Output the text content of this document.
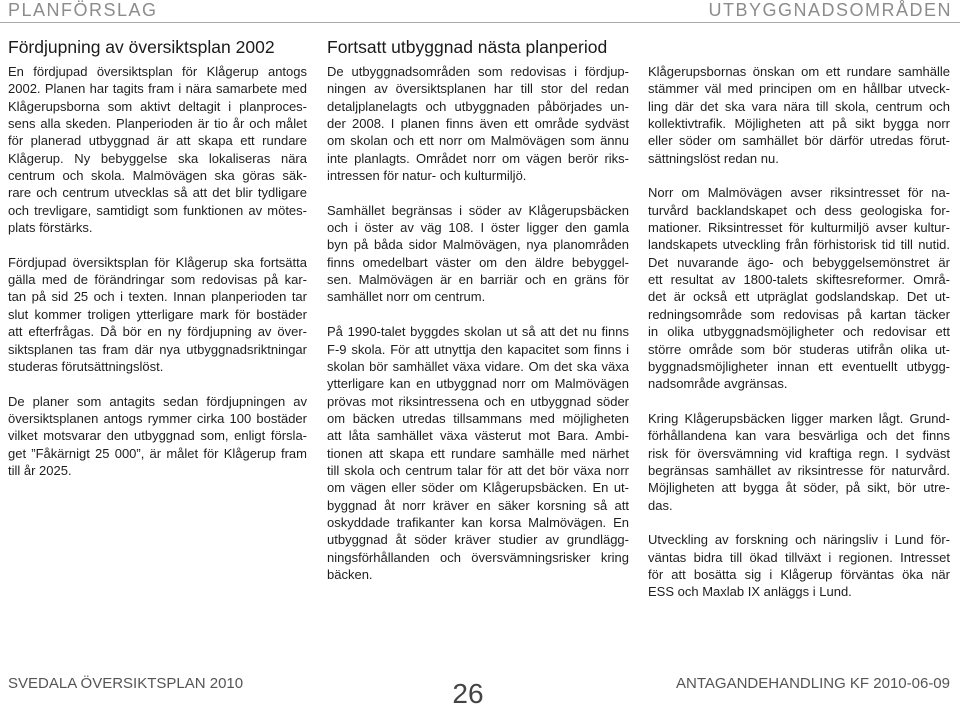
PLANFÖRSLAG	UTBYGGNADSOMRÅDEN
Fördjupning av översiktsplan 2002
En fördjupad översiktsplan för Klågerup antogs
2002. Planen har tagits fram i nära samarbete med
Klågerupsborna som aktivt deltagit i planproces-
sens alla skeden. Planperioden är tio år och målet
för planerad utbyggnad är att skapa ett rundare
Klågerup. Ny bebyggelse ska lokaliseras nära
centrum och skola. Malmövägen ska göras säk-
rare och centrum utvecklas så att det blir tydligare
och trevligare, samtidigt som funktionen av mötes-
plats förstärks.
Fördjupad översiktsplan för Klågerup ska fortsätta
gälla med de förändringar som redovisas på kar-
tan på sid 25 och i texten. Innan planperioden tar
slut kommer troligen ytterligare mark för bostäder
att efterfrågas. Då bör en ny fördjupning av över-
siktsplanen tas fram där nya utbyggnadsriktningar
studeras förutsättningslöst.
De planer som antagits sedan fördjupningen av
översiktsplanen antogs rymmer cirka 100 bostäder
vilket motsvarar den utbyggnad som, enligt försla-
get ”Fåkärnigt 25 000”, är målet för Klågerup fram
till år 2025.
Fortsatt utbyggnad nästa planperiod
De utbyggnadsområden som redovisas i fördjup-
ningen av översiktsplanen har till stor del redan
detaljplanelagts och utbyggnaden påbörjades un-
der 2008. I planen finns även ett område sydväst
om skolan och ett norr om Malmövägen som ännu
inte planlagts. Området norr om vägen berör riks-
intressen för natur- och kulturmiljö.
Samhället begränsas i söder av Klågerupsbäcken
och i öster av väg 108. I öster ligger den gamla
byn på båda sidor Malmövägen, nya planområden
finns omedelbart väster om den äldre bebyggel-
sen. Malmövägen är en barriär och en gräns för
samhället norr om centrum.
På 1990-talet byggdes skolan ut så att det nu finns
F-9 skola. För att utnyttja den kapacitet som finns i
skolan bör samhället växa vidare. Om det ska växa
ytterligare kan en utbyggnad norr om Malmövägen
prövas mot riksintressena och en utbyggnad söder
om bäcken utredas tillsammans med möjligheten
att låta samhället växa västerut mot Bara. Ambi-
tionen att skapa ett rundare samhälle med närhet
till skola och centrum talar för att det bör växa norr
om vägen eller söder om Klågerupsbäcken. En ut-
byggnad åt norr kräver en säker korsning så att
oskyddade trafikanter kan korsa Malmövägen. En
utbyggnad åt söder kräver studier av grundlägg-
ningsförhållanden och översvämningsrisker kring
bäcken.
Klågerupsbornas önskan om ett rundare samhälle
stämmer väl med principen om en hållbar utveck-
ling där det ska vara nära till skola, centrum och
kollektivtrafik. Möjligheten att på sikt bygga norr
eller söder om samhället bör därför utredas förut-
sättningslöst redan nu.
Norr om Malmövägen avser riksintresset för na-
turvård backlandskapet och dess geologiska for-
mationer. Riksintresset för kulturmiljö avser kultur-
landskapets utveckling från förhistorisk tid till nutid.
Det nuvarande ägo- och bebyggelsemönstret är
ett resultat av 1800-talets skiftesreformer. Områ-
det är också ett utpräglat godslandskap. Det ut-
redningsområde som redovisas på kartan täcker
in olika utbyggnadsmöjligheter och redovisar ett
större område som bör studeras utifrån olika ut-
byggnadsmöjligheter innan ett eventuellt utbygg-
nadsområde avgränsas.
Kring Klågerupsbäcken ligger marken lågt. Grund-
förhållandena kan vara besvärliga och det finns
risk för översvämning vid kraftiga regn. I sydväst
begränsas samhället av riksintresse för naturvård.
Möjligheten att bygga åt söder, på sikt, bör utre-
das.
Utveckling av forskning och näringsliv i Lund för-
väntas bidra till ökad tillväxt i regionen. Intresset
för att bosätta sig i Klågerup förväntas öka när
ESS och Maxlab IX anläggs i Lund.
SVEDALA ÖVERSIKTSPLAN 2010	26	ANTAGANDEHANDLING KF 2010-06-09
